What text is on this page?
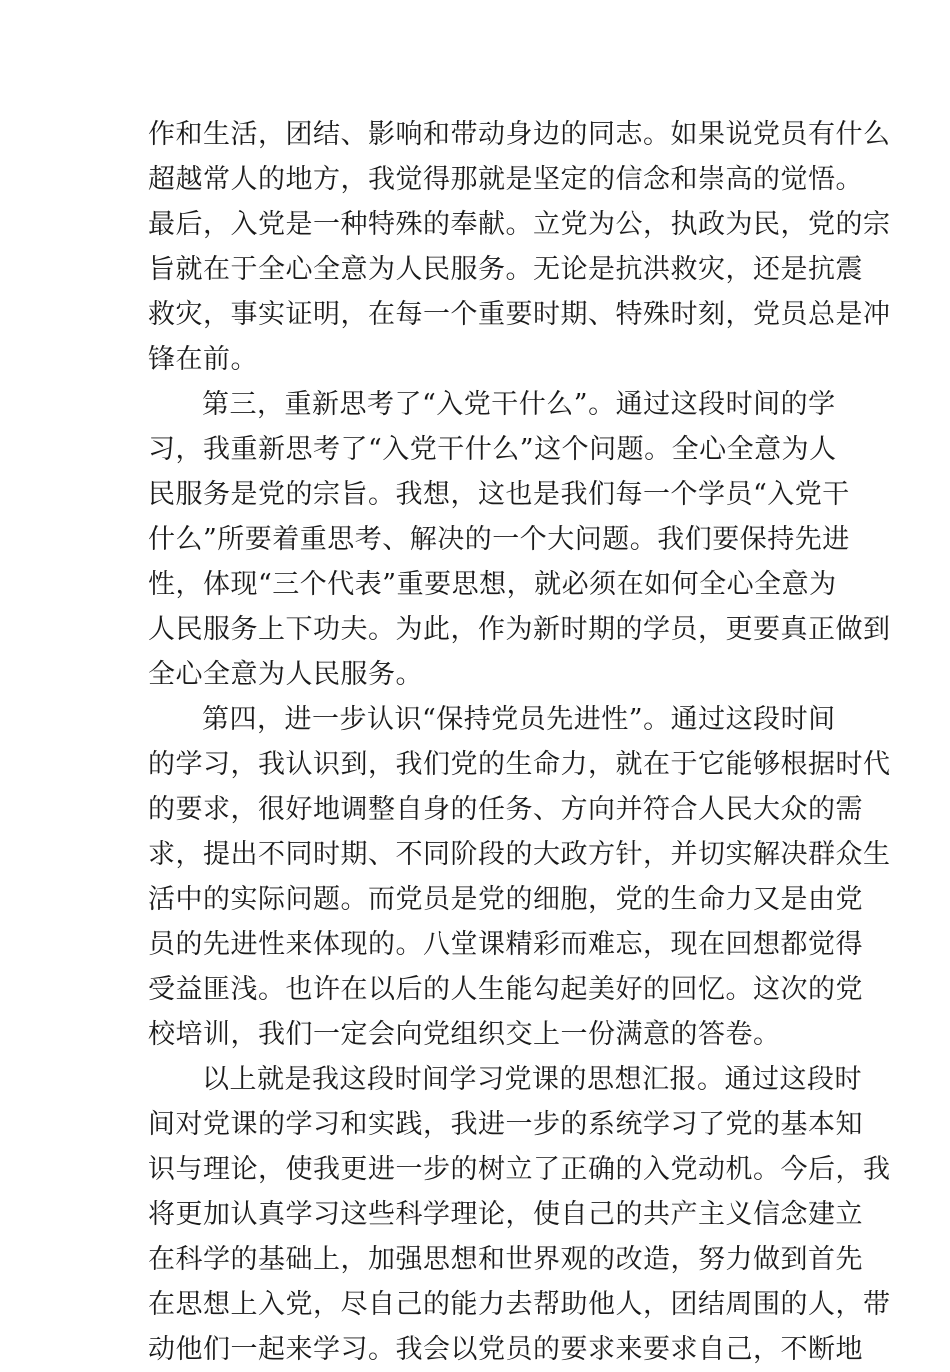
作和生活，团结、影响和带动身边的同志。如果说党员有什么
超越常人的地方，我觉得那就是坚定的信念和崇高的觉悟。
最后，入党是一种特殊的奉献。立党为公，执政为民，党的宗
旨就在于全心全意为人民服务。无论是抗洪救灾，还是抗震
救灾，事实证明，在每一个重要时期、特殊时刻，党员总是冲
锋在前。
第三，重新思考了“入党干什么”。通过这段时间的学
习，我重新思考了“入党干什么”这个问题。全心全意为人
民服务是党的宗旨。我想，这也是我们每一个学员“入党干
什么”所要着重思考、解决的一个大问题。我们要保持先进
性，体现“三个代表”重要思想，就必须在如何全心全意为
人民服务上下功夫。为此，作为新时期的学员，更要真正做到
全心全意为人民服务。
第四，进一步认识“保持党员先进性”。通过这段时间
的学习，我认识到，我们党的生命力，就在于它能够根据时代
的要求，很好地调整自身的任务、方向并符合人民大众的需
求，提出不同时期、不同阶段的大政方针，并切实解决群众生
活中的实际问题。而党员是党的细胞，党的生命力又是由党
员的先进性来体现的。八堂课精彩而难忘，现在回想都觉得
受益匪浅。也许在以后的人生能勾起美好的回忆。这次的党
校培训，我们一定会向党组织交上一份满意的答卷。
以上就是我这段时间学习党课的思想汇报。通过这段时
间对党课的学习和实践，我进一步的系统学习了党的基本知
识与理论，使我更进一步的树立了正确的入党动机。今后，我
将更加认真学习这些科学理论，使自己的共产主义信念建立
在科学的基础上，加强思想和世界观的改造，努力做到首先
在思想上入党，尽自己的能力去帮助他人，团结周围的人，带
动他们一起来学习。我会以党员的要求来要求自己，不断地
